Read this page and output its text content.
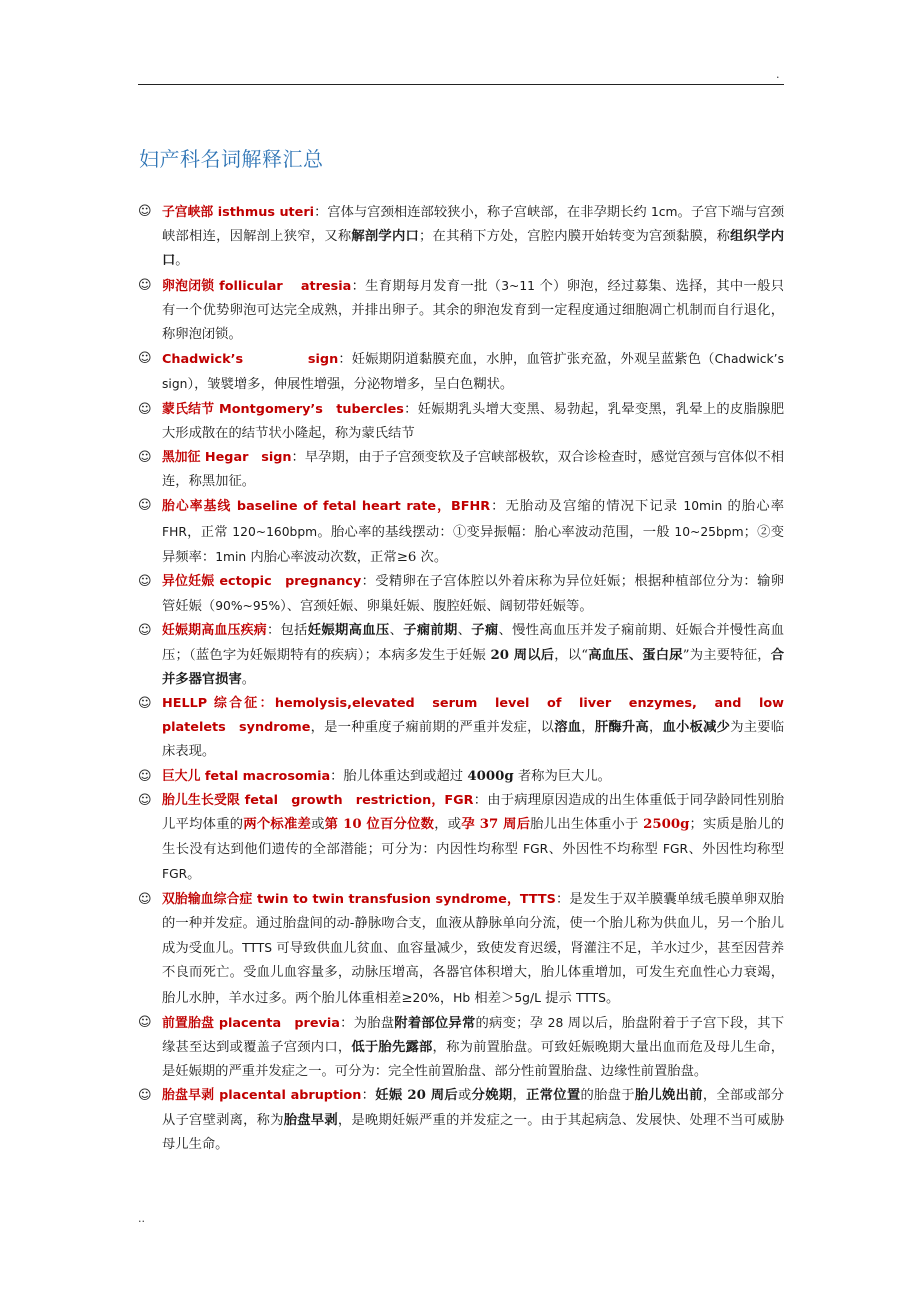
.
妇产科名词解释汇总
☺ 子宫峡部 isthmus uteri：宫体与宫颈相连部较狭小，称子宫峡部，在非孕期长约 1cm。子宫下端与宫颈峡部相连，因解剖上狭窄，又称解剖学内口；在其稍下方处，宫腔内膜开始转变为宫颈黏膜，称组织学内口。
☺ 卵泡闭锁 follicular　 atresia：生育期每月发育一批（3~11 个）卵泡，经过募集、选择，其中一般只有一个优势卵泡可达完全成熟，并排出卵子。其余的卵泡发育到一定程度通过细胞凋亡机制而自行退化，称卵泡闭锁。
☺ Chadwick’s　　　　　sign：妊娠期阴道黏膜充血，水肿，血管扩张充盈，外观呈蓝紫色（Chadwick’s sign），皱襞增多，伸展性增强，分泌物增多，呈白色糊状。
☺ 蒙氏结节 Montgomery’s　tubercles：妊娠期乳头增大变黑、易勃起，乳晕变黑，乳晕上的皮脂腺肥大形成散在的结节状小隆起，称为蒙氏结节
☺ 黑加征 Hegar　sign：早孕期，由于子宫颈变软及子宫峡部极软，双合诊检查时，感觉宫颈与宫体似不相连，称黑加征。
☺ 胎心率基线 baseline of fetal heart rate，BFHR：无胎动及宫缩的情况下记录 10min 的胎心率 FHR，正常 120~160bpm。胎心率的基线摆动：①变异振幅：胎心率波动范围，一般 10~25bpm；②变异频率：1min 内胎心率波动次数，正常≥6 次。
☺ 异位妊娠 ectopic　pregnancy：受精卵在子宫体腔以外着床称为异位妊娠；根据种植部位分为：输卵管妊娠（90%~95%）、宫颈妊娠、卵巢妊娠、腹腔妊娠、阔韧带妊娠等。
☺ 妊娠期高血压疾病：包括妊娠期高血压、子痫前期、子痫、慢性高血压并发子痫前期、妊娠合并慢性高血压；（蓝色字为妊娠期特有的疾病）；本病多发生于妊娠 20 周以后，以“高血压、蛋白尿”为主要特征，合并多器官损害。
☺ HELLP 综合征：hemolysis,elevated　serum　level　of　liver　enzymes,　and　low　platelets　syndrome，是一种重度子痫前期的严重并发症，以溶血，肝酶升高，血小板减少为主要临床表现。
☺ 巨大儿 fetal macrosomia：胎儿体重达到或超过 4000g 者称为巨大儿。
☺ 胎儿生长受限 fetal　growth　restriction，FGR：由于病理原因造成的出生体重低于同孕龄同性别胎儿平均体重的两个标准差或第 10 位百分位数，或孕 37 周后胎儿出生体重小于 2500g；实质是胎儿的生长没有达到他们遗传的全部潜能；可分为：内因性均称型 FGR、外因性不均称型 FGR、外因性均称型 FGR。
☺ 双胎输血综合症 twin to twin transfusion syndrome，TTTS：是发生于双羊膜囊单绒毛膜单卵双胎的一种并发症。通过胎盘间的动-静脉吻合支，血液从静脉单向分流，使一个胎儿称为供血儿，另一个胎儿成为受血儿。TTTS 可导致供血儿贫血、血容量减少，致使发育迟缓，肾灌注不足，羊水过少，甚至因营养不良而死亡。受血儿血容量多，动脉压增高，各器官体积增大，胎儿体重增加，可发生充血性心力衰竭，胎儿水肿，羊水过多。两个胎儿体重相差≥20%，Hb 相差＞5g/L 提示 TTTS。
☺ 前置胎盘 placenta　previa：为胎盘附着部位异常的病变；孕 28 周以后，胎盘附着于子宫下段，其下缘甚至达到或覆盖子宫颈内口，低于胎先露部，称为前置胎盘。可致妊娠晚期大量出血而危及母儿生命，是妊娠期的严重并发症之一。可分为：完全性前置胎盘、部分性前置胎盘、边缘性前置胎盘。
☺ 胎盘早剥 placental abruption：妊娠 20 周后或分娩期，正常位置的胎盘于胎儿娩出前，全部或部分从子宫壁剥离，称为胎盘早剥，是晚期妊娠严重的并发症之一。由于其起病急、发展快、处理不当可威胁母儿生命。
..
